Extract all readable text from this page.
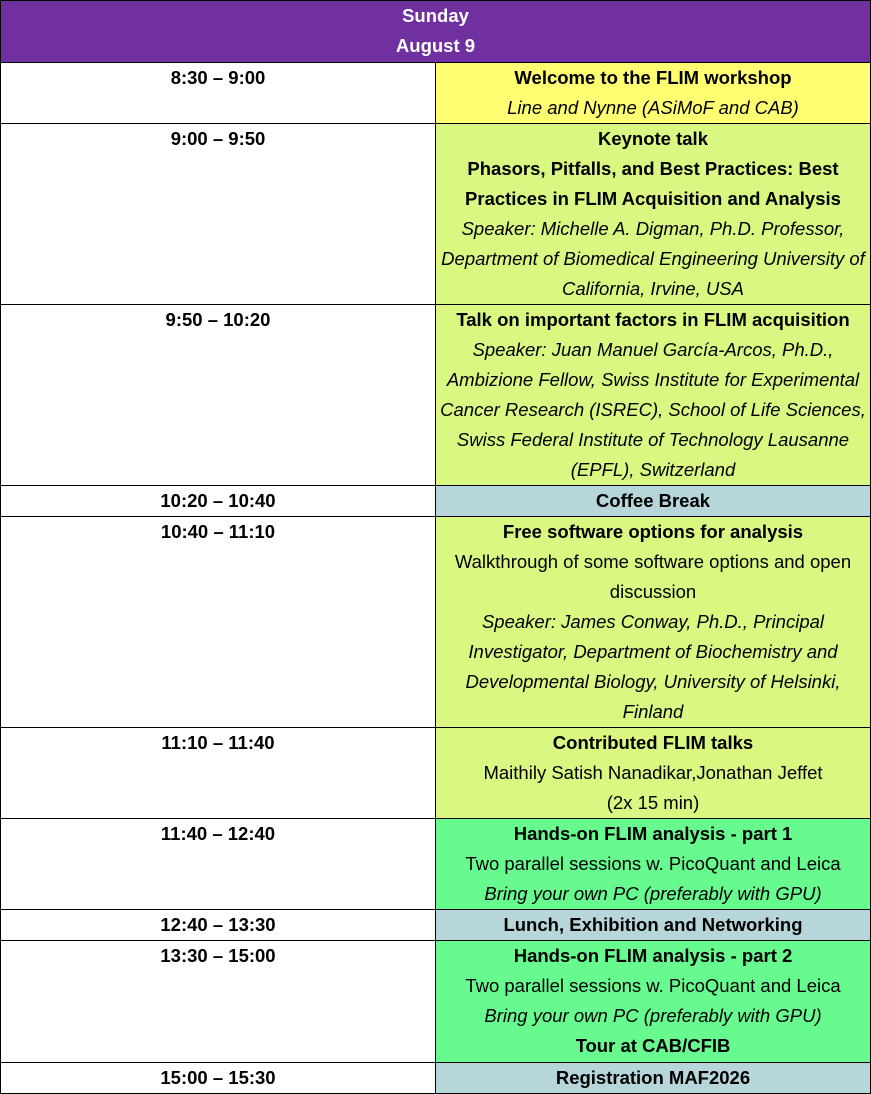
Sunday
August 9	

8:30 – 9:00	Welcome to the FLIM workshop
Line and Nynne (ASiMoF and CAB)

9:00 – 9:50	Keynote talk
Phasors, Pitfalls, and Best Practices: Best Practices in FLIM Acquisition and Analysis
Speaker: Michelle A. Digman, Ph.D. Professor, Department of Biomedical Engineering University of California, Irvine, USA

9:50 – 10:20	Talk on important factors in FLIM acquisition
Speaker: Juan Manuel García-Arcos, Ph.D., Ambizione Fellow, Swiss Institute for Experimental Cancer Research (ISREC), School of Life Sciences, Swiss Federal Institute of Technology Lausanne (EPFL), Switzerland

10:20 – 10:40	Coffee Break

10:40 – 11:10	Free software options for analysis
Walkthrough of some software options and open discussion
Speaker: James Conway, Ph.D., Principal Investigator, Department of Biochemistry and Developmental Biology, University of Helsinki, Finland

11:10 – 11:40	Contributed FLIM talks
Maithily Satish Nanadikar,Jonathan Jeffet
(2x 15 min)

11:40 – 12:40	Hands-on FLIM analysis - part 1
Two parallel sessions w. PicoQuant and Leica
Bring your own PC (preferably with GPU)

12:40 – 13:30	Lunch, Exhibition and Networking

13:30 – 15:00	Hands-on FLIM analysis - part 2
Two parallel sessions w. PicoQuant and Leica
Bring your own PC (preferably with GPU)
Tour at CAB/CFIB

15:00 – 15:30	Registration MAF2026
